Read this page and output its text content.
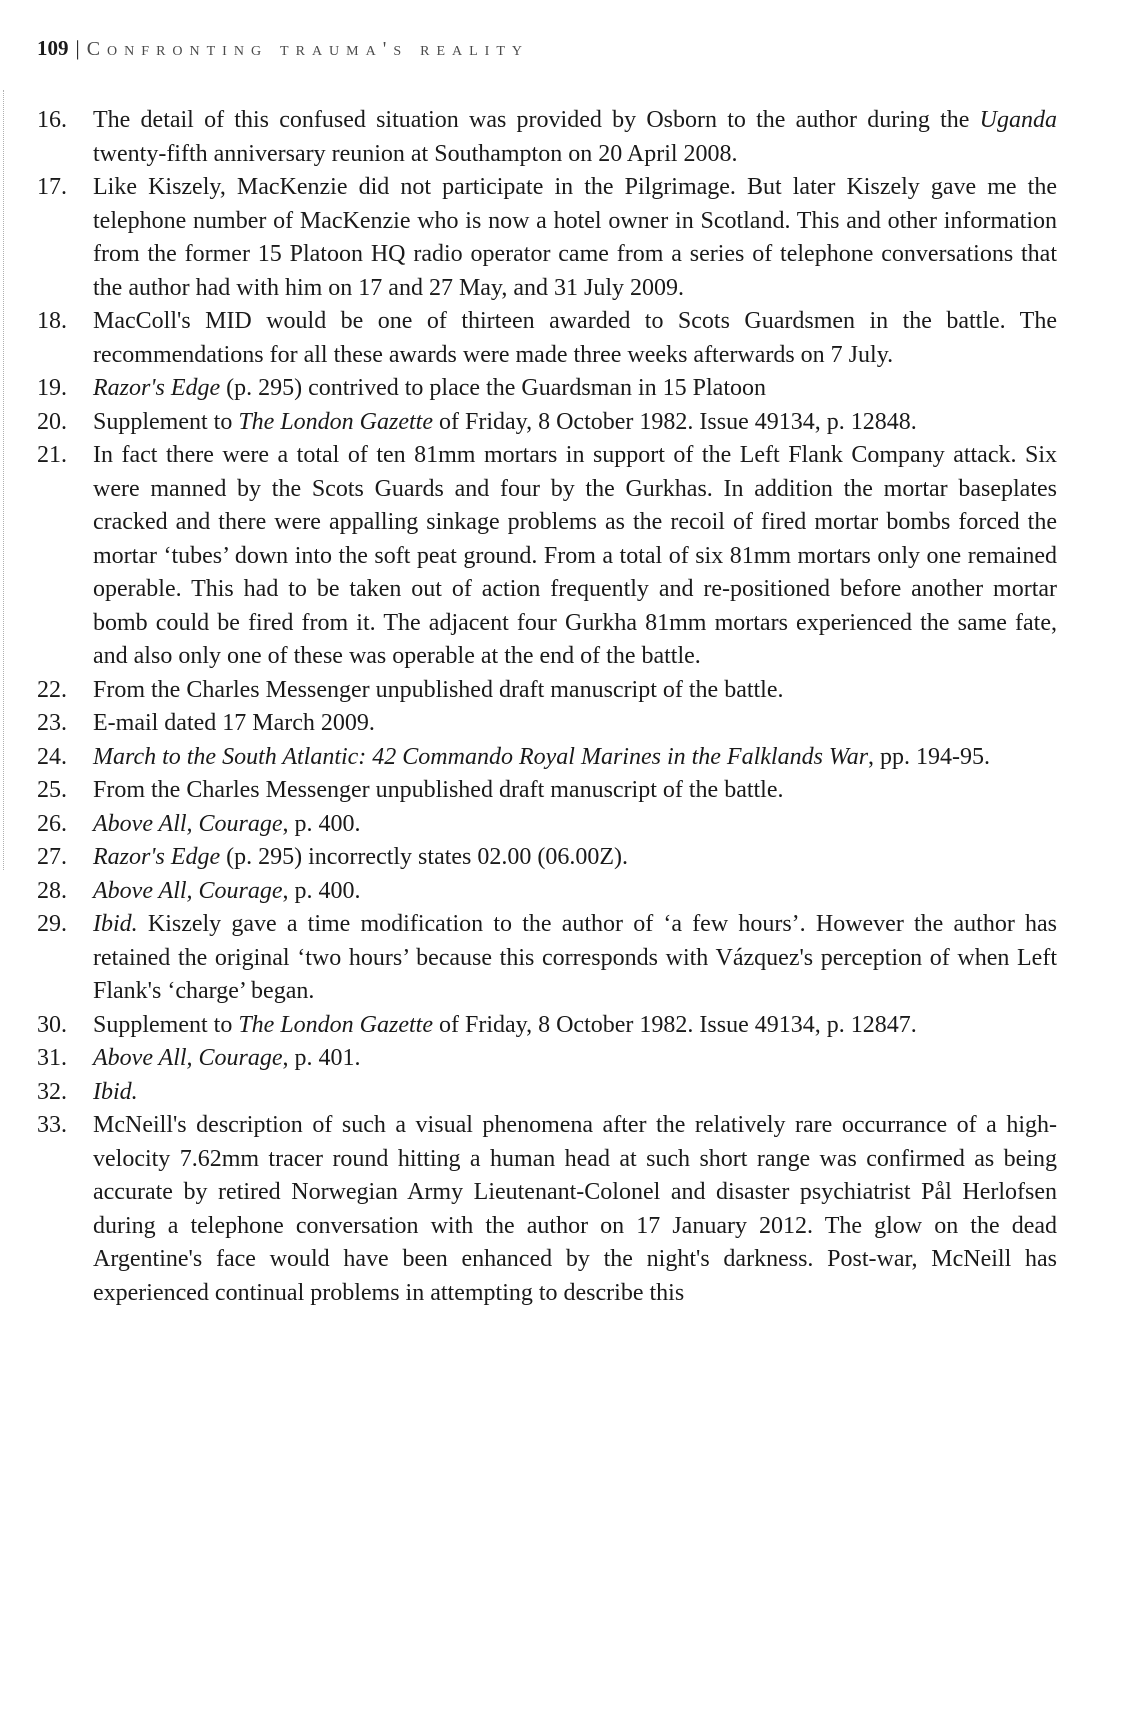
109 | Confronting trauma's reality
16.	The detail of this confused situation was provided by Osborn to the author during the Uganda twenty-fifth anniversary reunion at Southampton on 20 April 2008.
17.	Like Kiszely, MacKenzie did not participate in the Pilgrimage. But later Kiszely gave me the telephone number of MacKenzie who is now a hotel owner in Scotland. This and other information from the former 15 Platoon HQ radio operator came from a series of telephone conversations that the author had with him on 17 and 27 May, and 31 July 2009.
18.	MacColl's MID would be one of thirteen awarded to Scots Guardsmen in the battle. The recommendations for all these awards were made three weeks afterwards on 7 July.
19.	Razor's Edge (p. 295) contrived to place the Guardsman in 15 Platoon
20.	Supplement to The London Gazette of Friday, 8 October 1982. Issue 49134, p. 12848.
21.	In fact there were a total of ten 81mm mortars in support of the Left Flank Company attack. Six were manned by the Scots Guards and four by the Gurkhas. In addition the mortar baseplates cracked and there were appalling sinkage problems as the recoil of fired mortar bombs forced the mortar ‘tubes’ down into the soft peat ground. From a total of six 81mm mortars only one remained operable. This had to be taken out of action frequently and re-positioned before another mortar bomb could be fired from it. The adjacent four Gurkha 81mm mortars experienced the same fate, and also only one of these was operable at the end of the battle.
22.	From the Charles Messenger unpublished draft manuscript of the battle.
23.	E-mail dated 17 March 2009.
24.	March to the South Atlantic: 42 Commando Royal Marines in the Falklands War, pp. 194-95.
25.	From the Charles Messenger unpublished draft manuscript of the battle.
26.	Above All, Courage, p. 400.
27.	Razor's Edge (p. 295) incorrectly states 02.00 (06.00Z).
28.	Above All, Courage, p. 400.
29.	Ibid. Kiszely gave a time modification to the author of ‘a few hours’. However the author has retained the original ‘two hours’ because this corresponds with Vázquez's perception of when Left Flank's ‘charge’ began.
30.	Supplement to The London Gazette of Friday, 8 October 1982. Issue 49134, p. 12847.
31.	Above All, Courage, p. 401.
32.	Ibid.
33.	McNeill's description of such a visual phenomena after the relatively rare occurrance of a high-velocity 7.62mm tracer round hitting a human head at such short range was confirmed as being accurate by retired Norwegian Army Lieutenant-Colonel and disaster psychiatrist Pål Herlofsen during a telephone conversation with the author on 17 January 2012. The glow on the dead Argentine's face would have been enhanced by the night's darkness. Post-war, McNeill has experienced continual problems in attempting to describe this
